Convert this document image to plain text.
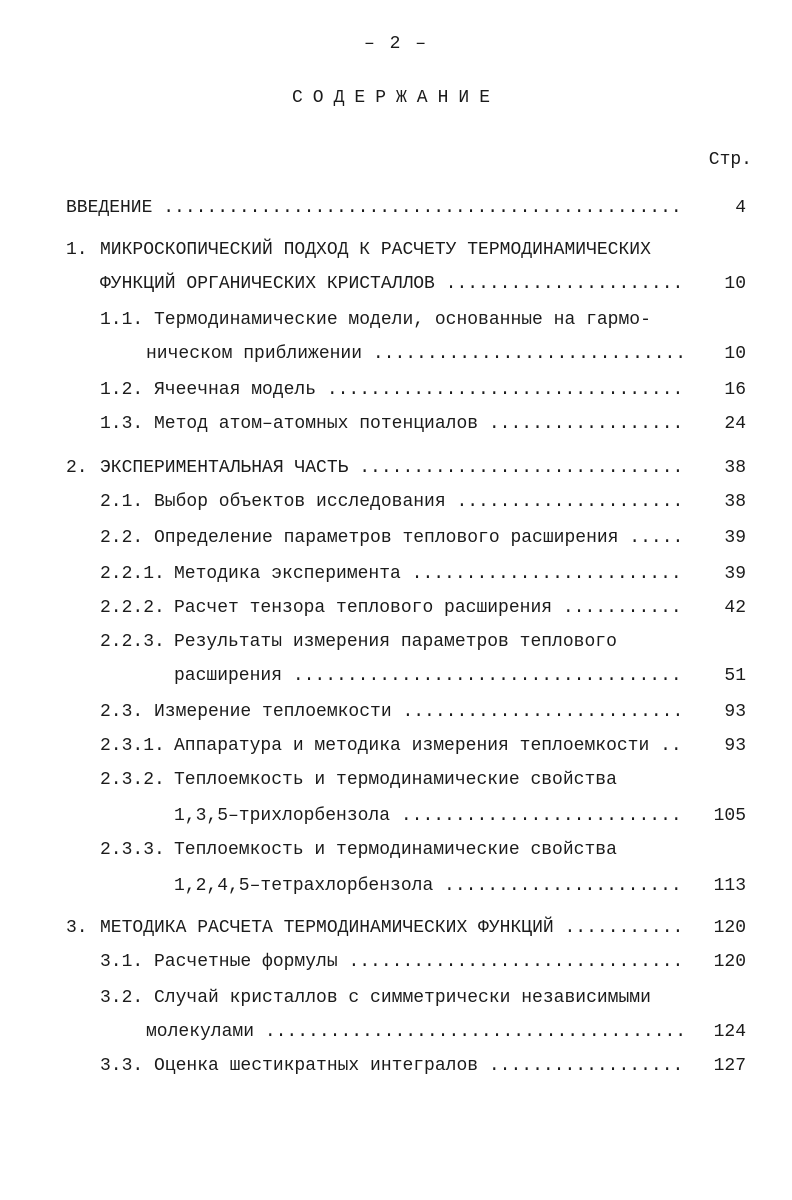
– 2 –
СОДЕРЖАНИЕ
Стр.
ВВЕДЕНИЕ .....	4
1. МИКРОСКОПИЧЕСКИЙ ПОДХОД К РАСЧЕТУ ТЕРМОДИНАМИЧЕСКИХ
ФУНКЦИЙ ОРГАНИЧЕСКИХ КРИСТАЛЛОВ .....	10
1.1. Термодинамические модели, основанные на гармо-
ническом приближении .....	10
1.2. Ячеечная модель .....	16
1.3. Метод атом–атомных потенциалов .....	24
2. ЭКСПЕРИМЕНТАЛЬНАЯ ЧАСТЬ .....	38
2.1. Выбор объектов исследования .....	38
2.2. Определение параметров теплового расширения .....	39
2.2.1. Методика эксперимента .....	39
2.2.2. Расчет тензора теплового расширения .....	42
2.2.3. Результаты измерения параметров теплового
расширения .....	51
2.3. Измерение теплоемкости .....	93
2.3.1. Аппаратура и методика измерения теплоемкости .....	93
2.3.2. Теплоемкость и термодинамические свойства
1,3,5–трихлорбензола .....	105
2.3.3. Теплоемкость и термодинамические свойства
1,2,4,5–тетрахлорбензола .....	113
3. МЕТОДИКА РАСЧЕТА ТЕРМОДИНАМИЧЕСКИХ ФУНКЦИЙ .....	120
3.1. Расчетные формулы .....	120
3.2. Случай кристаллов с симметрически независимыми
молекулами .....	124
3.3. Оценка шестикратных интегралов .....	127
